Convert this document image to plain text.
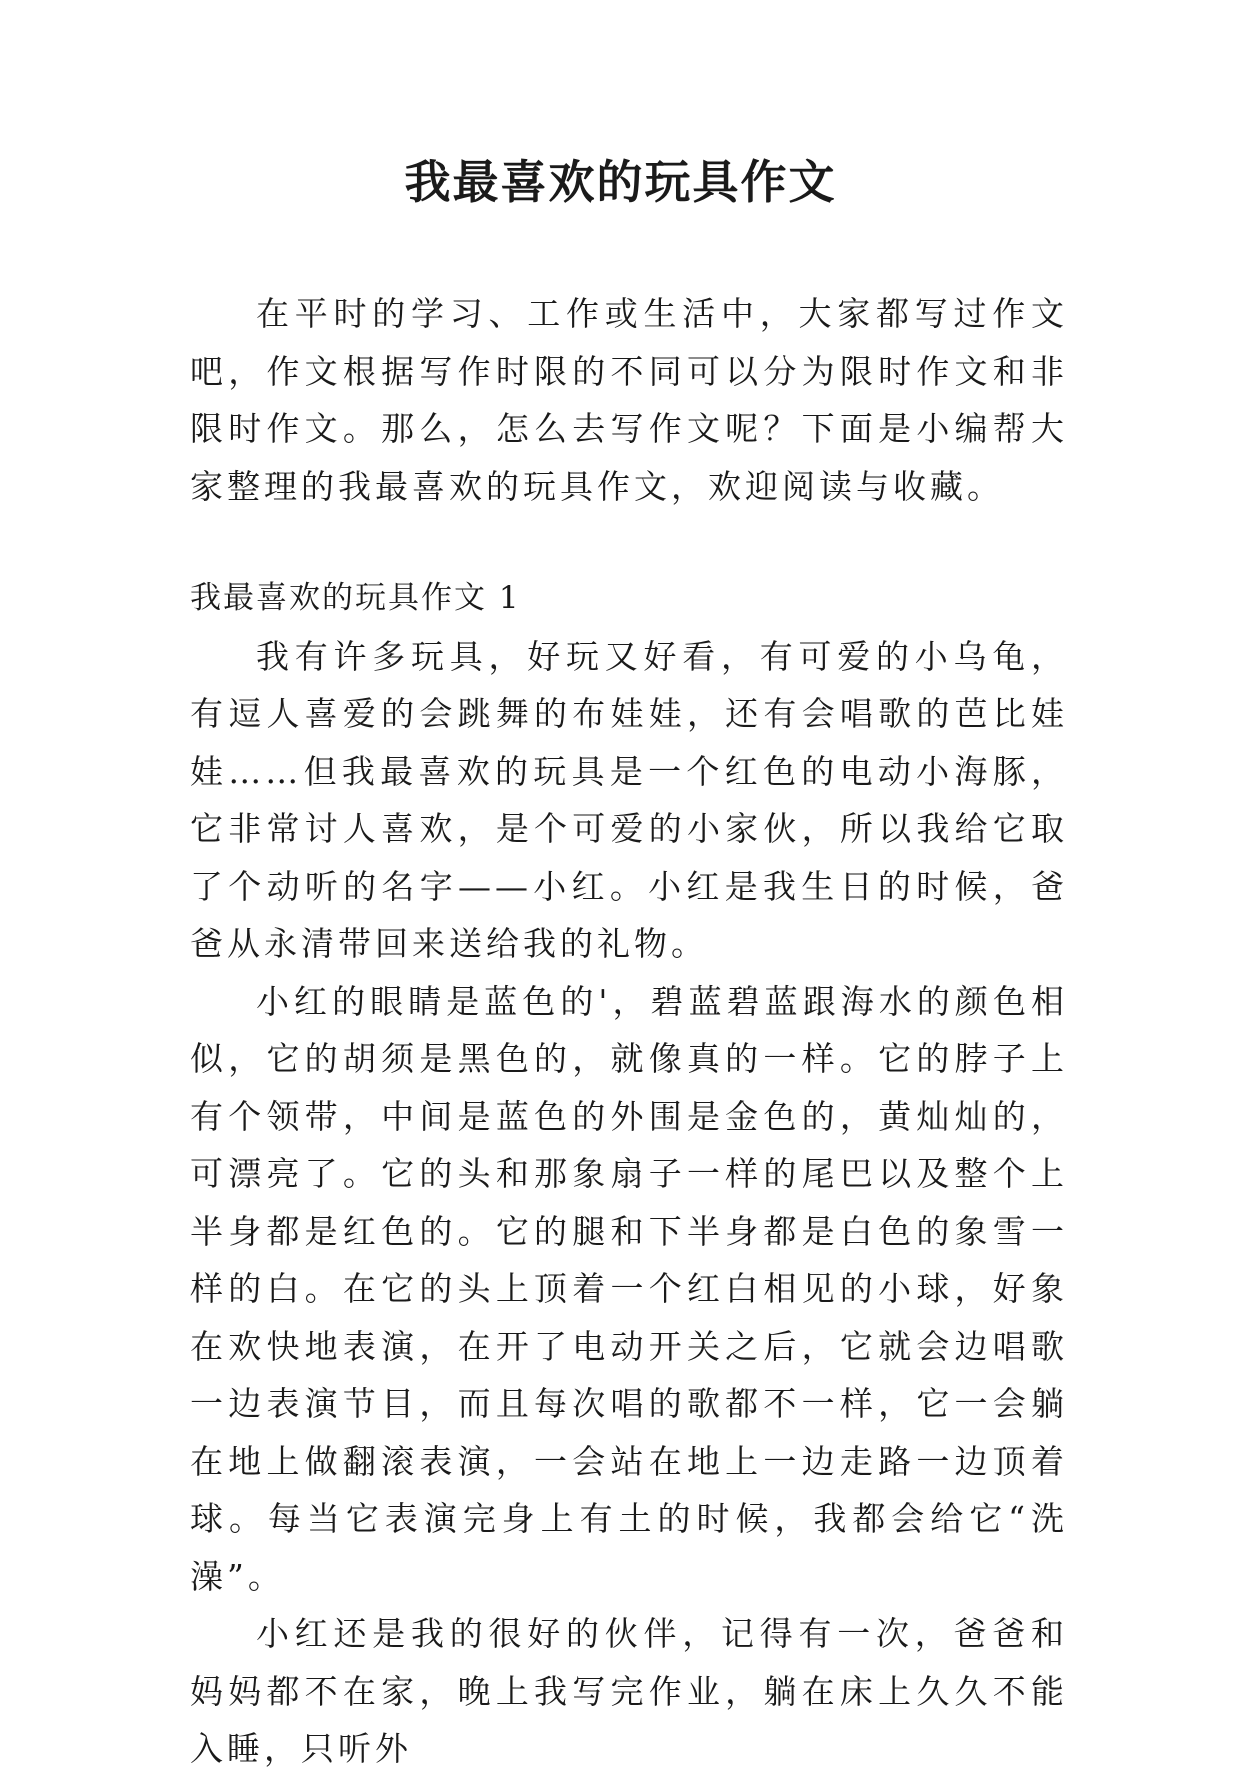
我最喜欢的玩具作文

在平时的学习、工作或生活中，大家都写过作文吧，作文根据写作时限的不同可以分为限时作文和非限时作文。那么，怎么去写作文呢？下面是小编帮大家整理的我最喜欢的玩具作文，欢迎阅读与收藏。

我最喜欢的玩具作文 1

我有许多玩具，好玩又好看，有可爱的小乌龟，有逗人喜爱的会跳舞的布娃娃，还有会唱歌的芭比娃娃……但我最喜欢的玩具是一个红色的电动小海豚，它非常讨人喜欢，是个可爱的小家伙，所以我给它取了个动听的名字——小红。小红是我生日的时候，爸爸从永清带回来送给我的礼物。

小红的眼睛是蓝色的'，碧蓝碧蓝跟海水的颜色相似，它的胡须是黑色的，就像真的一样。它的脖子上有个领带，中间是蓝色的外围是金色的，黄灿灿的，可漂亮了。它的头和那象扇子一样的尾巴以及整个上半身都是红色的。它的腿和下半身都是白色的象雪一样的白。在它的头上顶着一个红白相见的小球，好象在欢快地表演，在开了电动开关之后，它就会边唱歌一边表演节目，而且每次唱的歌都不一样，它一会躺在地上做翻滚表演，一会站在地上一边走路一边顶着球。每当它表演完身上有土的时候，我都会给它“洗澡”。

小红还是我的很好的伙伴，记得有一次，爸爸和妈妈都不在家，晚上我写完作业，躺在床上久久不能入睡，只听外
